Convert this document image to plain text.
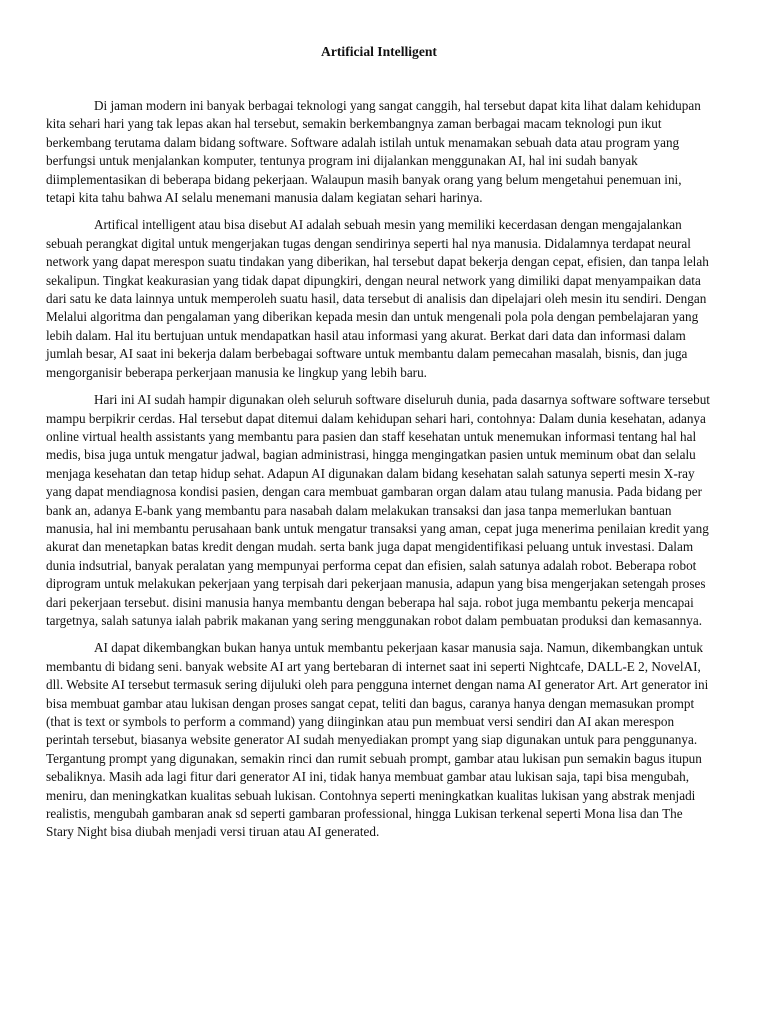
Artificial Intelligent

Di jaman modern ini banyak berbagai teknologi yang sangat canggih, hal tersebut dapat kita lihat dalam kehidupan kita sehari hari yang tak lepas akan hal tersebut, semakin berkembangnya zaman berbagai macam teknologi pun ikut berkembang terutama dalam bidang software. Software adalah istilah untuk menamakan sebuah data atau program yang berfungsi untuk menjalankan komputer, tentunya program ini dijalankan menggunakan AI, hal ini sudah banyak diimplementasikan di beberapa bidang pekerjaan. Walaupun masih banyak orang yang belum mengetahui penemuan ini, tetapi kita tahu bahwa AI selalu menemani manusia dalam kegiatan sehari harinya.

Artifical intelligent atau bisa disebut AI adalah sebuah mesin yang memiliki kecerdasan dengan mengajalankan sebuah perangkat digital untuk mengerjakan tugas dengan sendirinya seperti hal nya manusia. Didalamnya terdapat neural network yang dapat merespon suatu tindakan yang diberikan, hal tersebut dapat bekerja dengan cepat, efisien, dan tanpa lelah sekalipun. Tingkat keakurasian yang tidak dapat dipungkiri, dengan neural network yang dimiliki dapat menyampaikan data dari satu ke data lainnya untuk memperoleh suatu hasil, data tersebut di analisis dan dipelajari oleh mesin itu sendiri. Dengan Melalui algoritma dan pengalaman yang diberikan kepada mesin dan untuk mengenali pola pola dengan pembelajaran yang lebih dalam. Hal itu bertujuan untuk mendapatkan hasil atau informasi yang akurat. Berkat dari data dan informasi dalam jumlah besar, AI saat ini bekerja dalam berbebagai software untuk membantu dalam pemecahan masalah, bisnis, dan juga mengorganisir beberapa perkerjaan manusia ke lingkup yang lebih baru.

Hari ini AI sudah hampir digunakan oleh seluruh software diseluruh dunia, pada dasarnya software software tersebut mampu berpikrir cerdas. Hal tersebut dapat ditemui dalam kehidupan sehari hari, contohnya: Dalam dunia kesehatan, adanya online virtual health assistants yang membantu para pasien dan staff kesehatan untuk menemukan informasi tentang hal hal medis, bisa juga untuk mengatur jadwal, bagian administrasi, hingga mengingatkan pasien untuk meminum obat dan selalu menjaga kesehatan dan tetap hidup sehat. Adapun AI digunakan dalam bidang kesehatan salah satunya seperti mesin X-ray yang dapat mendiagnosa kondisi pasien, dengan cara membuat gambaran organ dalam atau tulang manusia. Pada bidang per bank an, adanya E-bank yang membantu para nasabah dalam melakukan transaksi dan jasa tanpa memerlukan bantuan manusia, hal ini membantu perusahaan bank untuk mengatur transaksi yang aman, cepat juga menerima penilaian kredit yang akurat dan menetapkan batas kredit dengan mudah. serta bank juga dapat mengidentifikasi peluang untuk investasi. Dalam dunia indsutrial, banyak peralatan yang mempunyai performa cepat dan efisien, salah satunya adalah robot. Beberapa robot diprogram untuk melakukan pekerjaan yang terpisah dari pekerjaan manusia, adapun yang bisa mengerjakan setengah proses dari pekerjaan tersebut. disini manusia hanya membantu dengan beberapa hal saja. robot juga membantu pekerja mencapai targetnya, salah satunya ialah pabrik makanan yang sering menggunakan robot dalam pembuatan produksi dan kemasannya.

AI dapat dikembangkan bukan hanya untuk membantu pekerjaan kasar manusia saja. Namun, dikembangkan untuk membantu di bidang seni. banyak website AI art yang bertebaran di internet saat ini seperti Nightcafe, DALL-E 2, NovelAI, dll. Website AI tersebut termasuk sering dijuluki oleh para pengguna internet dengan nama AI generator Art. Art generator ini bisa membuat gambar atau lukisan dengan proses sangat cepat, teliti dan bagus, caranya hanya dengan memasukan prompt (that is text or symbols to perform a command) yang diinginkan atau pun membuat versi sendiri dan AI akan merespon perintah tersebut, biasanya website generator AI sudah menyediakan prompt yang siap digunakan untuk para penggunanya. Tergantung prompt yang digunakan, semakin rinci dan rumit sebuah prompt, gambar atau lukisan pun semakin bagus itupun sebaliknya. Masih ada lagi fitur dari generator AI ini, tidak hanya membuat gambar atau lukisan saja, tapi bisa mengubah, meniru, dan meningkatkan kualitas sebuah lukisan. Contohnya seperti meningkatkan kualitas lukisan yang abstrak menjadi realistis, mengubah gambaran anak sd seperti gambaran professional, hingga Lukisan terkenal seperti Mona lisa dan The Stary Night bisa diubah menjadi versi tiruan atau AI generated.
